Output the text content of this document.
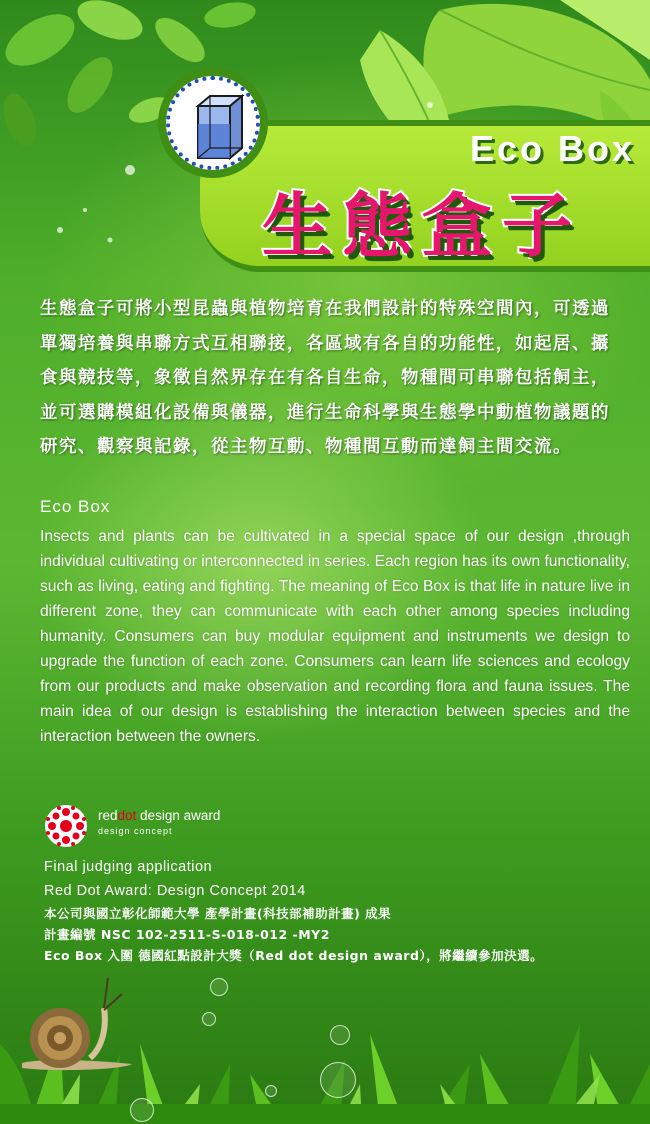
Eco Box
生態盒子
生態盒子可將小型昆蟲與植物培育在我們設計的特殊空間內，可透過單獨培養與串聯方式互相聯接，各區域有各自的功能性，如起居、攝食與競技等，象徵自然界存在有各自生命，物種間可串聯包括飼主，並可選購模組化設備與儀器，進行生命科學與生態學中動植物議題的研究、觀察與記錄，從主物互動、物種間互動而達飼主間交流。
Eco Box
Insects and plants can be cultivated in a special space of our design ,through individual cultivating or interconnected in series. Each region has its own functionality, such as living, eating and fighting. The meaning of Eco Box is that life in nature live in different zone, they can communicate with each other among species including humanity. Consumers can buy modular equipment and instruments we design to upgrade the function of each zone. Consumers can learn life sciences and ecology from our products and make observation and recording flora and fauna issues. The main idea of our design is establishing the interaction between species and the interaction between the owners.
reddot design award
design concept
Final judging application
Red Dot Award: Design Concept 2014
本公司與國立彰化師範大學 產學計畫(科技部補助計畫) 成果
計畫編號 NSC 102-2511-S-018-012 -MY2
Eco Box 入圍 德國紅點設計大獎（Red dot design award），將繼續參加決選。
